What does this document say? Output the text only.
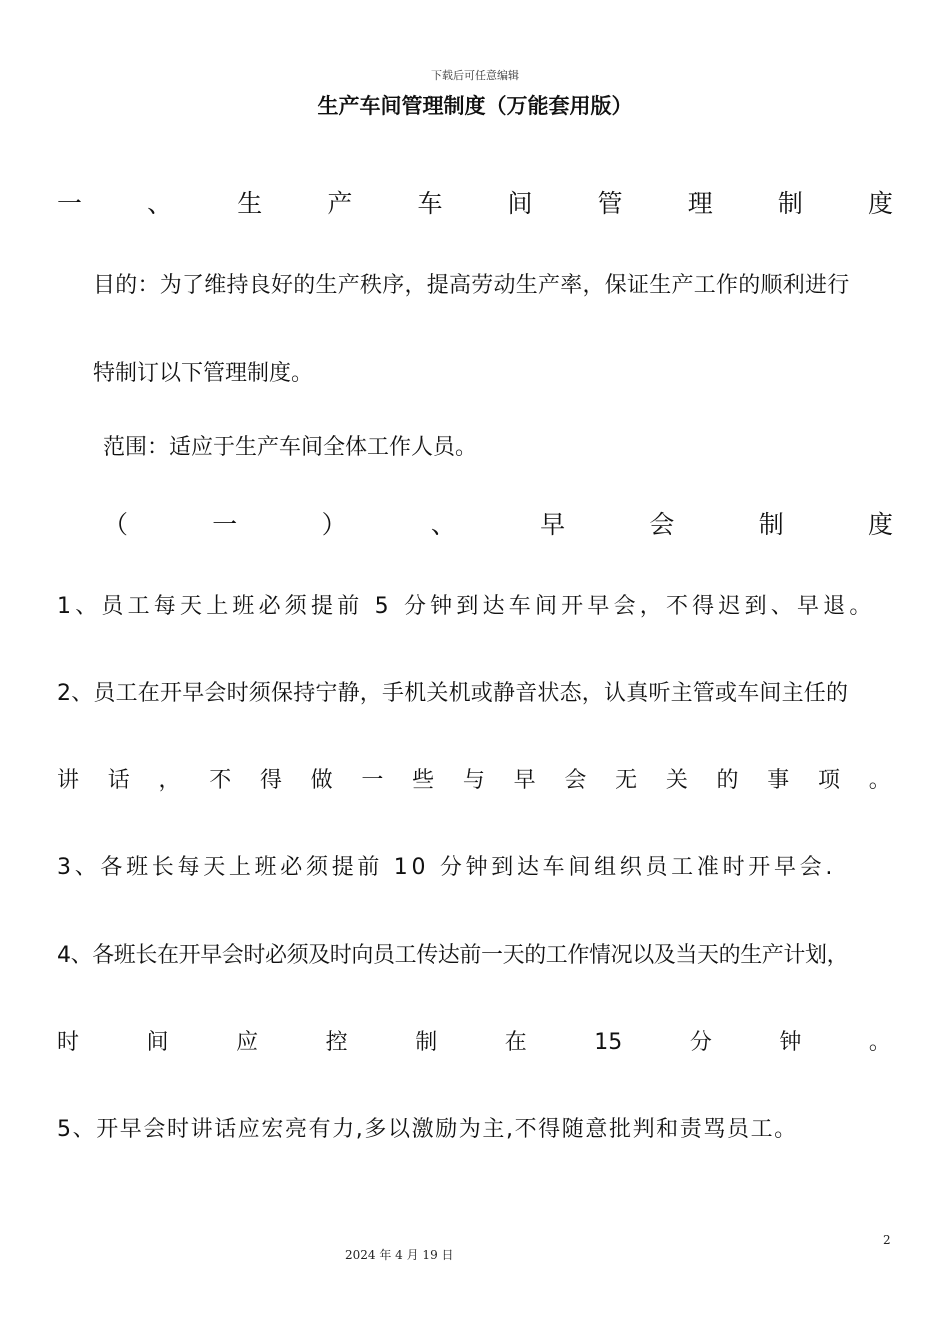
下载后可任意编辑
生产车间管理制度（万能套用版）
一	、	生	产	车	间	管	理	制	度
目的：为了维持良好的生产秩序，提高劳动生产率，保证生产工作的顺利进行
特制订以下管理制度。
范围：适应于生产车间全体工作人员。
（	一	）	、	早	会	制	度
1、员工每天上班必须提前 5 分钟到达车间开早会，不得迟到、早退。
2、员工在开早会时须保持宁静，手机关机或静音状态，认真听主管或车间主任的
讲 话 ， 不 得 做 一 些 与 早 会 无 关 的 事 项 。
3、各班长每天上班必须提前 10 分钟到达车间组织员工准时开早会.
4、各班长在开早会时必须及时向员工传达前一天的工作情况以及当天的生产计划，
时	间	应	控	制	在	15	分	钟	。
5、开早会时讲话应宏亮有力,多以激励为主,不得随意批判和责骂员工。
2
2024 年 4 月 19 日
